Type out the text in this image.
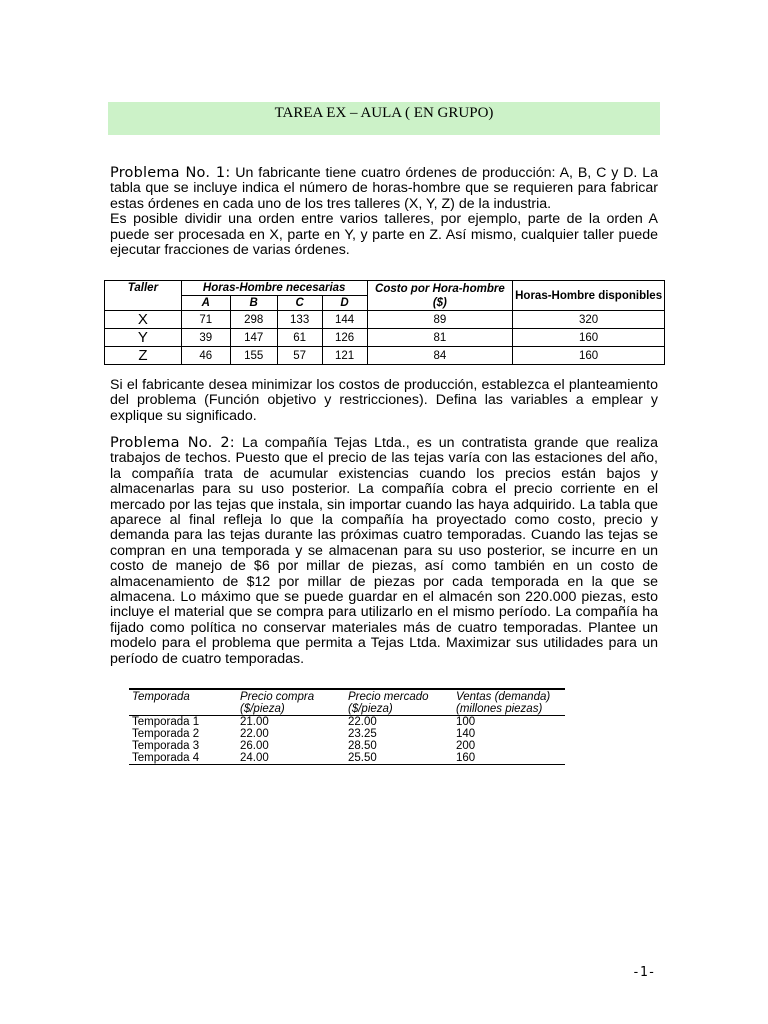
TAREA EX – AULA ( EN GRUPO)

Problema No. 1: Un fabricante tiene cuatro órdenes de producción: A, B, C y D. La tabla que se incluye indica el número de horas-hombre que se requieren para fabricar estas órdenes en cada uno de los tres talleres (X, Y, Z) de la industria.

Es posible dividir una orden entre varios talleres, por ejemplo, parte de la orden A puede ser procesada en X, parte en Y, y parte en Z. Así mismo, cualquier taller puede ejecutar fracciones de varias órdenes.

Taller	Horas-Hombre necesarias				Costo por Hora-hombre ($)	Horas-Hombre disponibles
	A	B	C	D		
X	71	298	133	144	89	320
Y	39	147	61	126	81	160
Z	46	155	57	121	84	160

Si el fabricante desea minimizar los costos de producción, establezca el planteamiento del problema (Función objetivo y restricciones). Defina las variables a emplear y explique su significado.

Problema No. 2: La compañía Tejas Ltda., es un contratista grande que realiza trabajos de techos. Puesto que el precio de las tejas varía con las estaciones del año, la compañía trata de acumular existencias cuando los precios están bajos y almacenarlas para su uso posterior. La compañía cobra el precio corriente en el mercado por las tejas que instala, sin importar cuando las haya adquirido. La tabla que aparece al final refleja lo que la compañía ha proyectado como costo, precio y demanda para las tejas durante las próximas cuatro temporadas. Cuando las tejas se compran en una temporada y se almacenan para su uso posterior, se incurre en un costo de manejo de $6 por millar de piezas, así como también en un costo de almacenamiento de $12 por millar de piezas por cada temporada en la que se almacena. Lo máximo que se puede guardar en el almacén son 220.000 piezas, esto incluye el material que se compra para utilizarlo en el mismo período. La compañía ha fijado como política no conservar materiales más de cuatro temporadas. Plantee un modelo para el problema que permita a Tejas Ltda. Maximizar sus utilidades para un período de cuatro temporadas.

Temporada	Precio compra	Precio mercado	Ventas (demanda)
	($/pieza)	($/pieza)	(millones piezas)
Temporada 1	21.00	22.00	100
Temporada 2	22.00	23.25	140
Temporada 3	26.00	28.50	200
Temporada 4	24.00	25.50	160
-1-
